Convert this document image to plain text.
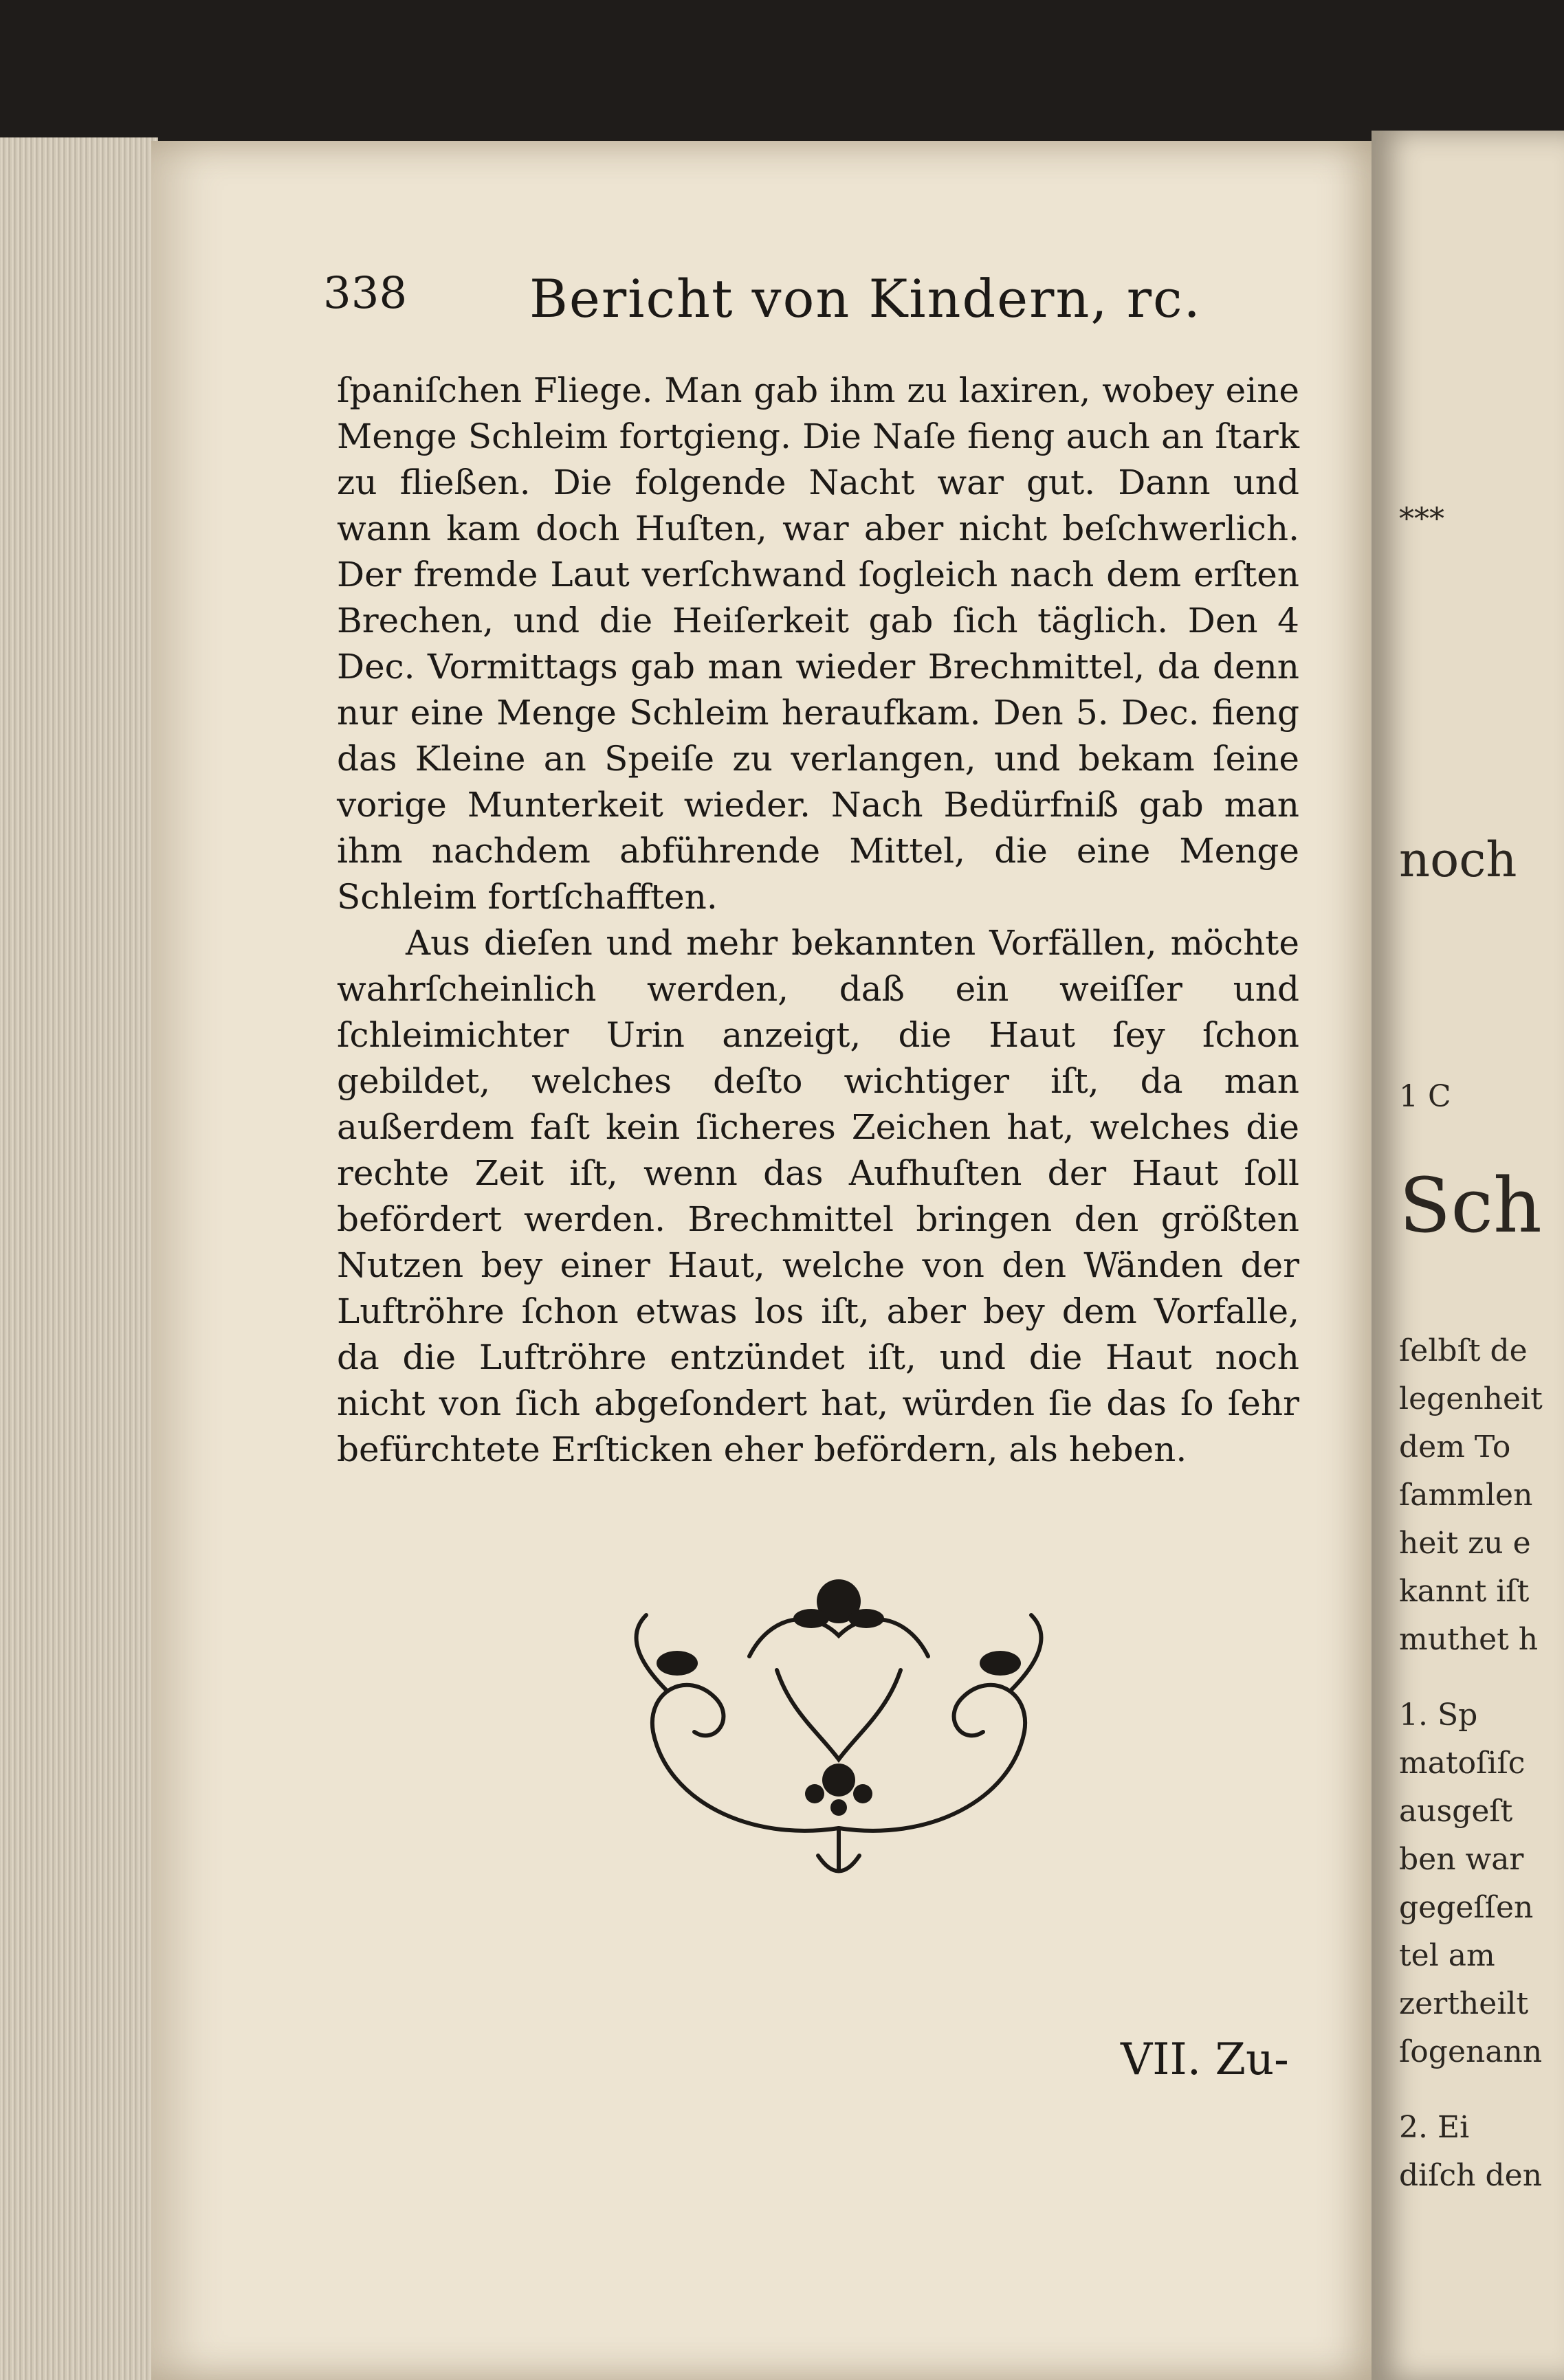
338 Bericht von Kindern, rc.

ſpaniſchen Fliege. Man gab ihm zu laxiren, wobey eine Menge Schleim fortgieng. Die Naſe fieng auch an ſtark zu fließen. Die folgende Nacht war gut. Dann und wann kam doch Huſten, war aber nicht beſchwerlich. Der fremde Laut verſchwand ſogleich nach dem erſten Brechen, und die Heiſerkeit gab ſich täglich. Den 4 Dec. Vormittags gab man wieder Brechmittel, da denn nur eine Menge Schleim heraufkam. Den 5. Dec. fieng das Kleine an Speiſe zu verlangen, und bekam ſeine vorige Munterkeit wieder. Nach Bedürfniß gab man ihm nachdem abführende Mittel, die eine Menge Schleim fortſchafften.

Aus dieſen und mehr bekannten Vorfällen, möchte wahrſcheinlich werden, daß ein weiſſer und ſchleimichter Urin anzeigt, die Haut ſey ſchon gebildet, welches deſto wichtiger iſt, da man außerdem faſt kein ſicheres Zeichen hat, welches die rechte Zeit iſt, wenn das Aufhuſten der Haut ſoll befördert werden. Brechmittel bringen den größten Nutzen bey einer Haut, welche von den Wänden der Luftröhre ſchon etwas los iſt, aber bey dem Vorfalle, da die Luftröhre entzündet iſt, und die Haut noch nicht von ſich abgeſondert hat, würden ſie das ſo ſehr befürchtete Erſticken eher befördern, als heben.

VII. Zu-
***
noch
1 C
Sch
ſelbſt de
legenheit
dem To
ſammlen
heit zu e
kannt iſt
muthet h
1. Sp
matoſiſc
ausgeſt
ben war
gegeſſen
tel am
zertheilt
ſogenann
2. Ei
diſch den
